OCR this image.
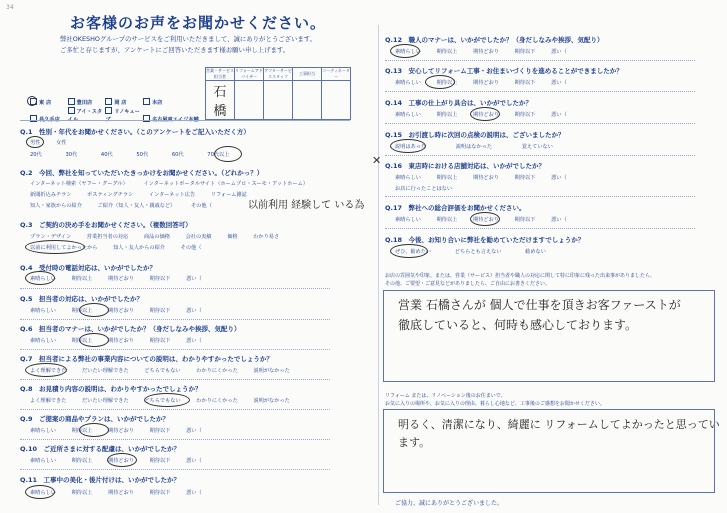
34
お客様のお声をお聞かせください。
弊社OKESHOグループのサービスをご利用いただきまして、誠にありがとうございます。
ご多忙と存じますが、アンケートにご回答いただきます様お願い申し上げます。
営業・サービス担当者	リフォームアドバイザー	アフターサービススタッフ	工事担当	コーディネーター
石 橋				
東 店	豊田店	岡 店	本店
長久手店 アイ・スタイル リノキューブ	名古屋東エイジ本舗
Q.1　性別・年代をお聞かせください。（このアンケートをご記入いただく方）
男性	女性
20代	30代	40代	50代	60代	70代以上
Q.2　今回、弊社を知っていただいたきっかけをお聞かせください。（どれかっ？）
インターネット検索（ヤフー・グーグル）	インターネットポータルサイト（ホームプロ・スーモ・アットホーム）
新聞折込みチラシ	ポスティングチラシ	インターネット広告	リフォーム雑誌
知人・家族からの紹介	ご紹介（知人・友人・親戚など）	その他（	以前利用 経験して いる為
Q.3　ご契約の決め手をお聞かせください。（複数回答可）
プラン・デザイン	営業担当者の対応	商品の価格	会社の実績	価格	わかり易さ
以前に利用してよかったから	知人・友人からの紹介	その他（
Q.4　受付時の電話対応は、いかがでしたか？
素晴らしい	期待以上	期待どおり	期待以下	悪い（
Q.5　担当者の対応は、いかがでしたか？
素晴らしい	期待以上	期待どおり	期待以下	悪い（
Q.6　担当者のマナーは、いかがでしたか？（身だしなみや挨拶、気配り）
素晴らしい	期待以上	期待どおり	期待以下	悪い（
Q.7　担当者による弊社の事業内容についての説明は、わかりやすかったでしょうか？
よく理解できた	だいたい理解できた	どちらでもない	わかりにくかった	説明がなかった
Q.8　お見積り内容の説明は、わかりやすかったでしょうか？
よく理解できた	だいたい理解できた	どちらでもない	わかりにくかった	説明がなかった
Q.9　ご提案の商品やプランは、いかがでしたか？
素晴らしい	期待以上	期待どおり	期待以下	悪い（
Q.10　ご近所さまに対する配慮は、いかがでしたか？
素晴らしい	期待以上	期待どおり	期待以下	悪い（
Q.11　工事中の美化・後片付けは、いかがでしたか？
素晴らしい	期待以上	期待どおり	期待以下	悪い（
Q.12　職人のマナーは、いかがでしたか？（身だしなみや挨拶、気配り）
素晴らしい	期待以上	期待どおり	期待以下	悪い（
Q.13　安心してリフォーム工事・お住まいづくりを進めることができましたか？
素晴らしい	期待以上	期待どおり	期待以下	悪い（
Q.14　工事の仕上がり具合は、いかがでしたか？
素晴らしい	期待以上	期待どおり	期待以下	悪い（
Q.15　お引渡し時に次回の点検の説明は、ございましたか？
説明はあった	説明はなかった	覚えていない
Q.16　東店時における店舗対応は、いかがでしたか？
✕
素晴らしい	期待以上	期待どおり	期待以下	悪い（
お店に行ったことはない
Q.17　弊社への総合評価をお聞かせください。
素晴らしい	期待以上	期待どおり	期待以下	悪い（
Q.18　今後、お知り合いに弊社を勧めていただけますでしょうか？
ぜひ、勧めたい	どちらとも言えない	勧めない
お店の雰囲気や印象、または、営業（サービス）担当者や職人の対応に関して特に印象に残った出来事がありましたら、
その他、ご要望・ご意見などがありましたら、ご自由にお書きください。
営業 石橋さんが 個人で仕事を頂きお客ファーストが
徹底していると、何時も感心しております。
リフォーム または、リノベーション後のお住まいで、
お気に入りの場所や、お気に入りの理由、暮らし心地など、工事後のご感想をお聞かせください。
明るく、清潔になり、綺麗に リフォームしてよかったと思ってい
ます。
ご協力、誠にありがとうございました。
